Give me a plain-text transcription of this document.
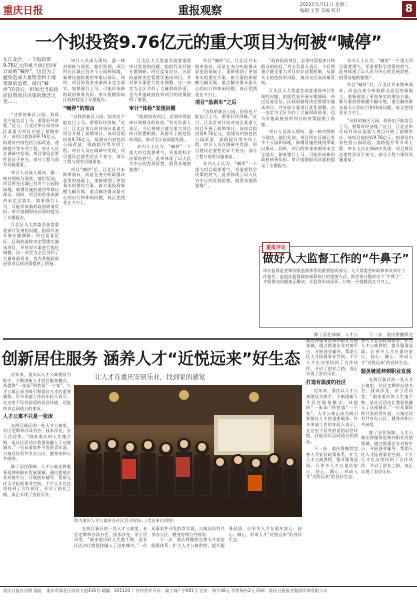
重庆日报	重报观察	2022年5月11日 星期三
编辑 主管 美编 校对	8
一个拟投资9.76亿元的重大项目为何被“喊停”
在江北区，一个拟投资9.76亿元的重大项目因审计而被“喊停”，这是为了避免造成大量资金和土地资源的浪费。项目“喊停”的背后，折射出当前政府投资项目决策的理念之变……
“这样的新区公园，投资也不能盲目上马，要算好经济账。”近日，江北区审计局对该区某重大项目开展了前期审计。该项目拟投资9.76亿元，拟建设内容包括公园改造、道路提升等多项工程。审计人员在调研中发现，项目建设必要性论证不充分，部分工程与现有设施重复。
审计人员深入现场，逐一核对图纸与现状。他们发现，项目所在区域已有多个公园和绿地，新增设施的使用率难以保证。同时，项目的资金来源尚未完全落实，如果强行上马，可能形成新的政府债务负担。审计组随即向区政府提交了专题报告。
江北区人大常委会高度重视审计发现的问题，组织代表开展专题调研。经过反复论证，区政府最终决定暂缓实施该项目，并对原方案进行优化调整。这一决定为全区节约了大量财政资金，也为其他政府投资项目的决策提供了借鉴。
审计人员深入现场，逐一核对图纸与现状。他们发现，项目所在区域已有多个公园和绿地，新增设施的使用率难以保证。同时，项目的资金来源尚未完全落实，如果强行上马，可能形成新的政府债务负担。审计组随即向区政府提交了专题报告。
“喊停”的理由
“这样的新区公园，投资也不能盲目上马，要算好经济账。”近日，江北区审计局对该区某重大项目开展了前期审计。该项目拟投资9.76亿元，拟建设内容包括公园改造、道路提升等多项工程。审计人员在调研中发现，项目建设必要性论证不充分，部分工程与现有设施重复。
项目“喊停”后，江北区并未简单放弃，而是在充分听取群众意见的基础上，重新规划了更加务实的建设方案。新方案投资规模大幅压缩，重点解决群众最关心的出行和休闲问题，真正把钱花在刀刃上。
江北区人大常委会高度重视审计发现的问题，组织代表开展专题调研。经过反复论证，区政府最终决定暂缓实施该项目，并对原方案进行优化调整。这一决定为全区节约了大量财政资金，也为其他政府投资项目的决策提供了借鉴。
审计“体检”发现问题
“政府投资项目，必须经得起审计和群众的检验。”有关负责人表示，今后将建立健全重大项目审计前置机制，从源头上防范投资风险，推动全区高质量发展。
业内人士认为，“喊停”一个重大项目需要勇气，更需要科学决策的底气。此举体现了以人民为中心的发展思想，值得各地借鉴推广。
项目“喊停”后，江北区并未简单放弃，而是在充分听取群众意见的基础上，重新规划了更加务实的建设方案。新方案投资规模大幅压缩，重点解决群众最关心的出行和休闲问题，真正把钱花在刀刃上。
项目“急刹车”之后
“这样的新区公园，投资也不能盲目上马，要算好经济账。”近日，江北区审计局对该区某重大项目开展了前期审计。该项目拟投资9.76亿元，拟建设内容包括公园改造、道路提升等多项工程。审计人员在调研中发现，项目建设必要性论证不充分，部分工程与现有设施重复。
业内人士认为，“喊停”一个重大项目需要勇气，更需要科学决策的底气。此举体现了以人民为中心的发展思想，值得各地借鉴推广。
“政府投资项目，必须经得起审计和群众的检验。”有关负责人表示，今后将建立健全重大项目审计前置机制，从源头上防范投资风险，推动全区高质量发展。
江北区人大常委会高度重视审计发现的问题，组织代表开展专题调研。经过反复论证，区政府最终决定暂缓实施该项目，并对原方案进行优化调整。这一决定为全区节约了大量财政资金，也为其他政府投资项目的决策提供了借鉴。
审计人员深入现场，逐一核对图纸与现状。他们发现，项目所在区域已有多个公园和绿地，新增设施的使用率难以保证。同时，项目的资金来源尚未完全落实，如果强行上马，可能形成新的政府债务负担。审计组随即向区政府提交了专题报告。
业内人士认为，“喊停”一个重大项目需要勇气，更需要科学决策的底气。此举体现了以人民为中心的发展思想，值得各地借鉴推广。
项目“喊停”后，江北区并未简单放弃，而是在充分听取群众意见的基础上，重新规划了更加务实的建设方案。新方案投资规模大幅压缩，重点解决群众最关心的出行和休闲问题，真正把钱花在刀刃上。
“这样的新区公园，投资也不能盲目上马，要算好经济账。”近日，江北区审计局对该区某重大项目开展了前期审计。该项目拟投资9.76亿元，拟建设内容包括公园改造、道路提升等多项工程。审计人员在调研中发现，项目建设必要性论证不充分，部分工程与现有设施重复。
重报评论
做好人大监督工作的“牛鼻子”
审计监督是党和国家监督体系的重要组成部分。人大常委会听取和审议审计工作报告，是依法监督政府预算执行的重要方式。抓住审计整改这个“牛鼻子”，才能推动问题真正解决，让监督形成闭环，让每一分钱都花在刀刃上。
创新居住服务 涵养人才“近悦远来”好生态
让人才在重庆安居乐业，找到家的感觉
近年来，重庆以人才公寓建设为抓手，不断创新人才居住服务模式。从提供“一张床”到营造“一个家”，人才公寓正成为吸引和留住人才的重要载体。许多来渝工作的年轻人表示，在这里不仅有舒适的居住环境，还能结识志同道合的朋友。
人才公寓不只是一张床
在两江新区的一处人才公寓里，社区定期举办读书会、技术沙龙、亲子活动等。“刚来重庆时人生地不熟，是社区活动让我很快融入了这座城市。”一位从事软件开发的青年说。公寓还设有共享办公区、健身房和公共厨房。
除了居住保障，人才公寓还将服务延伸到职业发展领域。通过搭建企业对接平台、开展创业辅导，帮助入住人才拓展事业空间。不少人才在这里找到了合作伙伴，开启了创业之路，真正实现了安居乐业。
图为重庆人才公寓举办社区活动现场。（受访单位供图）
在两江新区的一处人才公寓里，社区定期举办读书会、技术沙龙、亲子活动等。“刚来重庆时人生地不熟，是社区活动让我很快融入了这座城市。”一位从事软件开发的青年说。公寓还设有共享办公区、健身房和公共厨房。
下一步，重庆将继续完善人才安居政策体系，扩大人才公寓供给，提升服务品质，让更多人才在重庆安心、舒心、顺心，形成人才“近悦远来”的良好生态。
除了居住保障，人才公寓还将服务延伸到职业发展领域。通过搭建企业对接平台、开展创业辅导，帮助入住人才拓展事业空间。不少人才在这里找到了合作伙伴，开启了创业之路，真正实现了安居乐业。
打造有温度的社区
近年来，重庆以人才公寓建设为抓手，不断创新人才居住服务模式。从提供“一张床”到营造“一个家”，人才公寓正成为吸引和留住人才的重要载体。许多来渝工作的年轻人表示，在这里不仅有舒适的居住环境，还能结识志同道合的朋友。
下一步，重庆将继续完善人才安居政策体系，扩大人才公寓供给，提升服务品质，让更多人才在重庆安心、舒心、顺心，形成人才“近悦远来”的良好生态。
下一步，重庆将继续完善人才安居政策体系，扩大人才公寓供给，提升服务品质，让更多人才在重庆安心、舒心、顺心，形成人才“近悦远来”的良好生态。
服务链延伸到职业发展
在两江新区的一处人才公寓里，社区定期举办读书会、技术沙龙、亲子活动等。“刚来重庆时人生地不熟，是社区活动让我很快融入了这座城市。”一位从事软件开发的青年说。公寓还设有共享办公区、健身房和公共厨房。
除了居住保障，人才公寓还将服务延伸到职业发展领域。通过搭建企业对接平台、开展创业辅导，帮助入住人才拓展事业空间。不少人才在这里找到了合作伙伴，开启了创业之路，真正实现了安居乐业。
重庆日报社出版 地址：重庆市渝北区同茂大道416号 邮编：401120 广告经营许可证：渝工商广字001号 定价：每月48元 零售每份2元 印刷：重庆日报报业集团印务有限公司
